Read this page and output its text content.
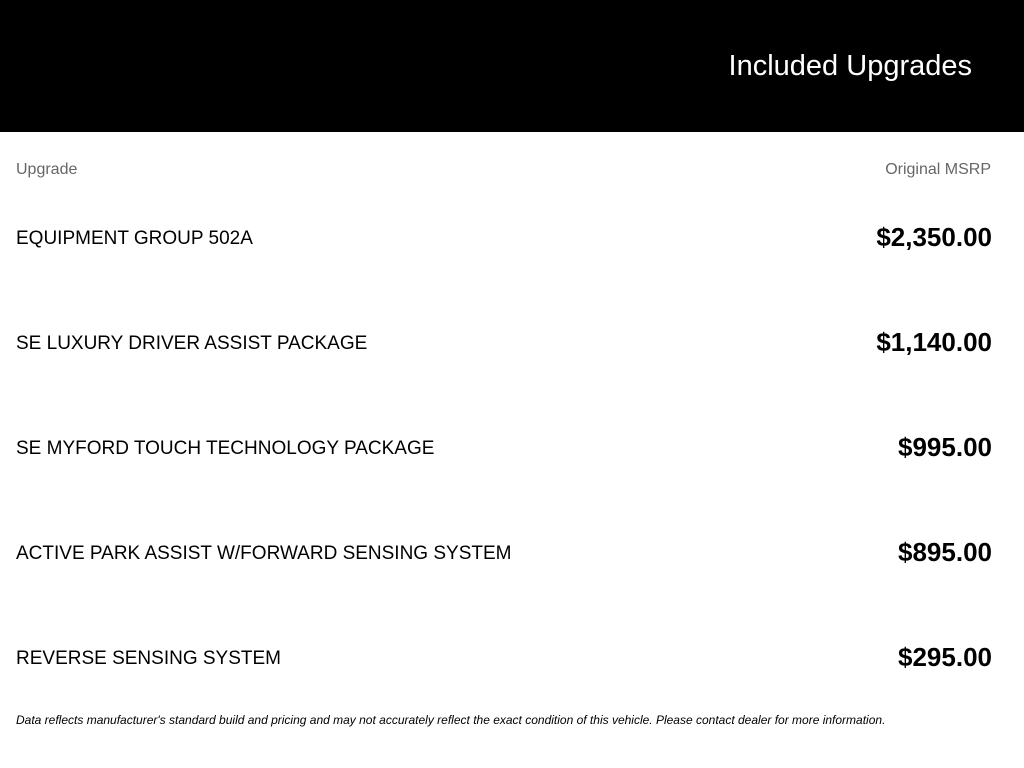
Included Upgrades
Upgrade	Original MSRP
EQUIPMENT GROUP 502A	$2,350.00
SE LUXURY DRIVER ASSIST PACKAGE	$1,140.00
SE MYFORD TOUCH TECHNOLOGY PACKAGE	$995.00
ACTIVE PARK ASSIST W/FORWARD SENSING SYSTEM	$895.00
REVERSE SENSING SYSTEM	$295.00
Data reflects manufacturer's standard build and pricing and may not accurately reflect the exact condition of this vehicle. Please contact dealer for more information.
